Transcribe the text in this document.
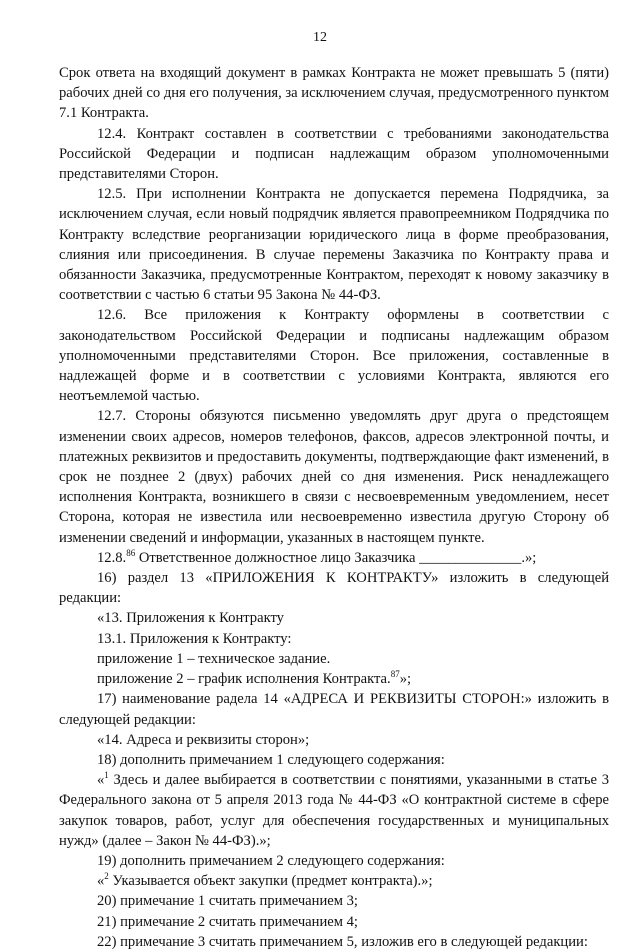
12

Срок ответа на входящий документ в рамках Контракта не может превышать 5 (пяти) рабочих дней со дня его получения, за исключением случая, предусмотренного пунктом 7.1 Контракта.

12.4. Контракт составлен в соответствии с требованиями законодательства Российской Федерации и подписан надлежащим образом уполномоченными представителями Сторон.

12.5. При исполнении Контракта не допускается перемена Подрядчика, за исключением случая, если новый подрядчик является правопреемником Подрядчика по Контракту вследствие реорганизации юридического лица в форме преобразования, слияния или присоединения. В случае перемены Заказчика по Контракту права и обязанности Заказчика, предусмотренные Контрактом, переходят к новому заказчику в соответствии с частью 6 статьи 95 Закона № 44-ФЗ.

12.6. Все приложения к Контракту оформлены в соответствии с законодательством Российской Федерации и подписаны надлежащим образом уполномоченными представителями Сторон. Все приложения, составленные в надлежащей форме и в соответствии с условиями Контракта, являются его неотъемлемой частью.

12.7. Стороны обязуются письменно уведомлять друг друга о предстоящем изменении своих адресов, номеров телефонов, факсов, адресов электронной почты, и платежных реквизитов и предоставить документы, подтверждающие факт изменений, в срок не позднее 2 (двух) рабочих дней со дня изменения. Риск ненадлежащего исполнения Контракта, возникшего в связи с несвоевременным уведомлением, несет Сторона, которая не известила или несвоевременно известила другую Сторону об изменении сведений и информации, указанных в настоящем пункте.

12.8.86 Ответственное должностное лицо Заказчика ______________.»;

16) раздел 13 «ПРИЛОЖЕНИЯ К КОНТРАКТУ» изложить в следующей редакции:

«13. Приложения к Контракту

13.1. Приложения к Контракту:

приложение 1 – техническое задание.

приложение 2 – график исполнения Контракта.$^{87}$»;

17) наименование радела 14 «АДРЕСА И РЕКВИЗИТЫ СТОРОН:» изложить в следующей редакции:

«14. Адреса и реквизиты сторон»;

18) дополнить примечанием 1 следующего содержания:

«$^1$ Здесь и далее выбирается в соответствии с понятиями, указанными в статье 3 Федерального закона от 5 апреля 2013 года № 44-ФЗ «О контрактной системе в сфере закупок товаров, работ, услуг для обеспечения государственных и муниципальных нужд» (далее – Закон № 44-ФЗ).»;

19) дополнить примечанием 2 следующего содержания:

«$^2$ Указывается объект закупки (предмет контракта).»;

20) примечание 1 считать примечанием 3;

21) примечание 2 считать примечанием 4;

22) примечание 3 считать примечанием 5, изложив его в следующей редакции:
